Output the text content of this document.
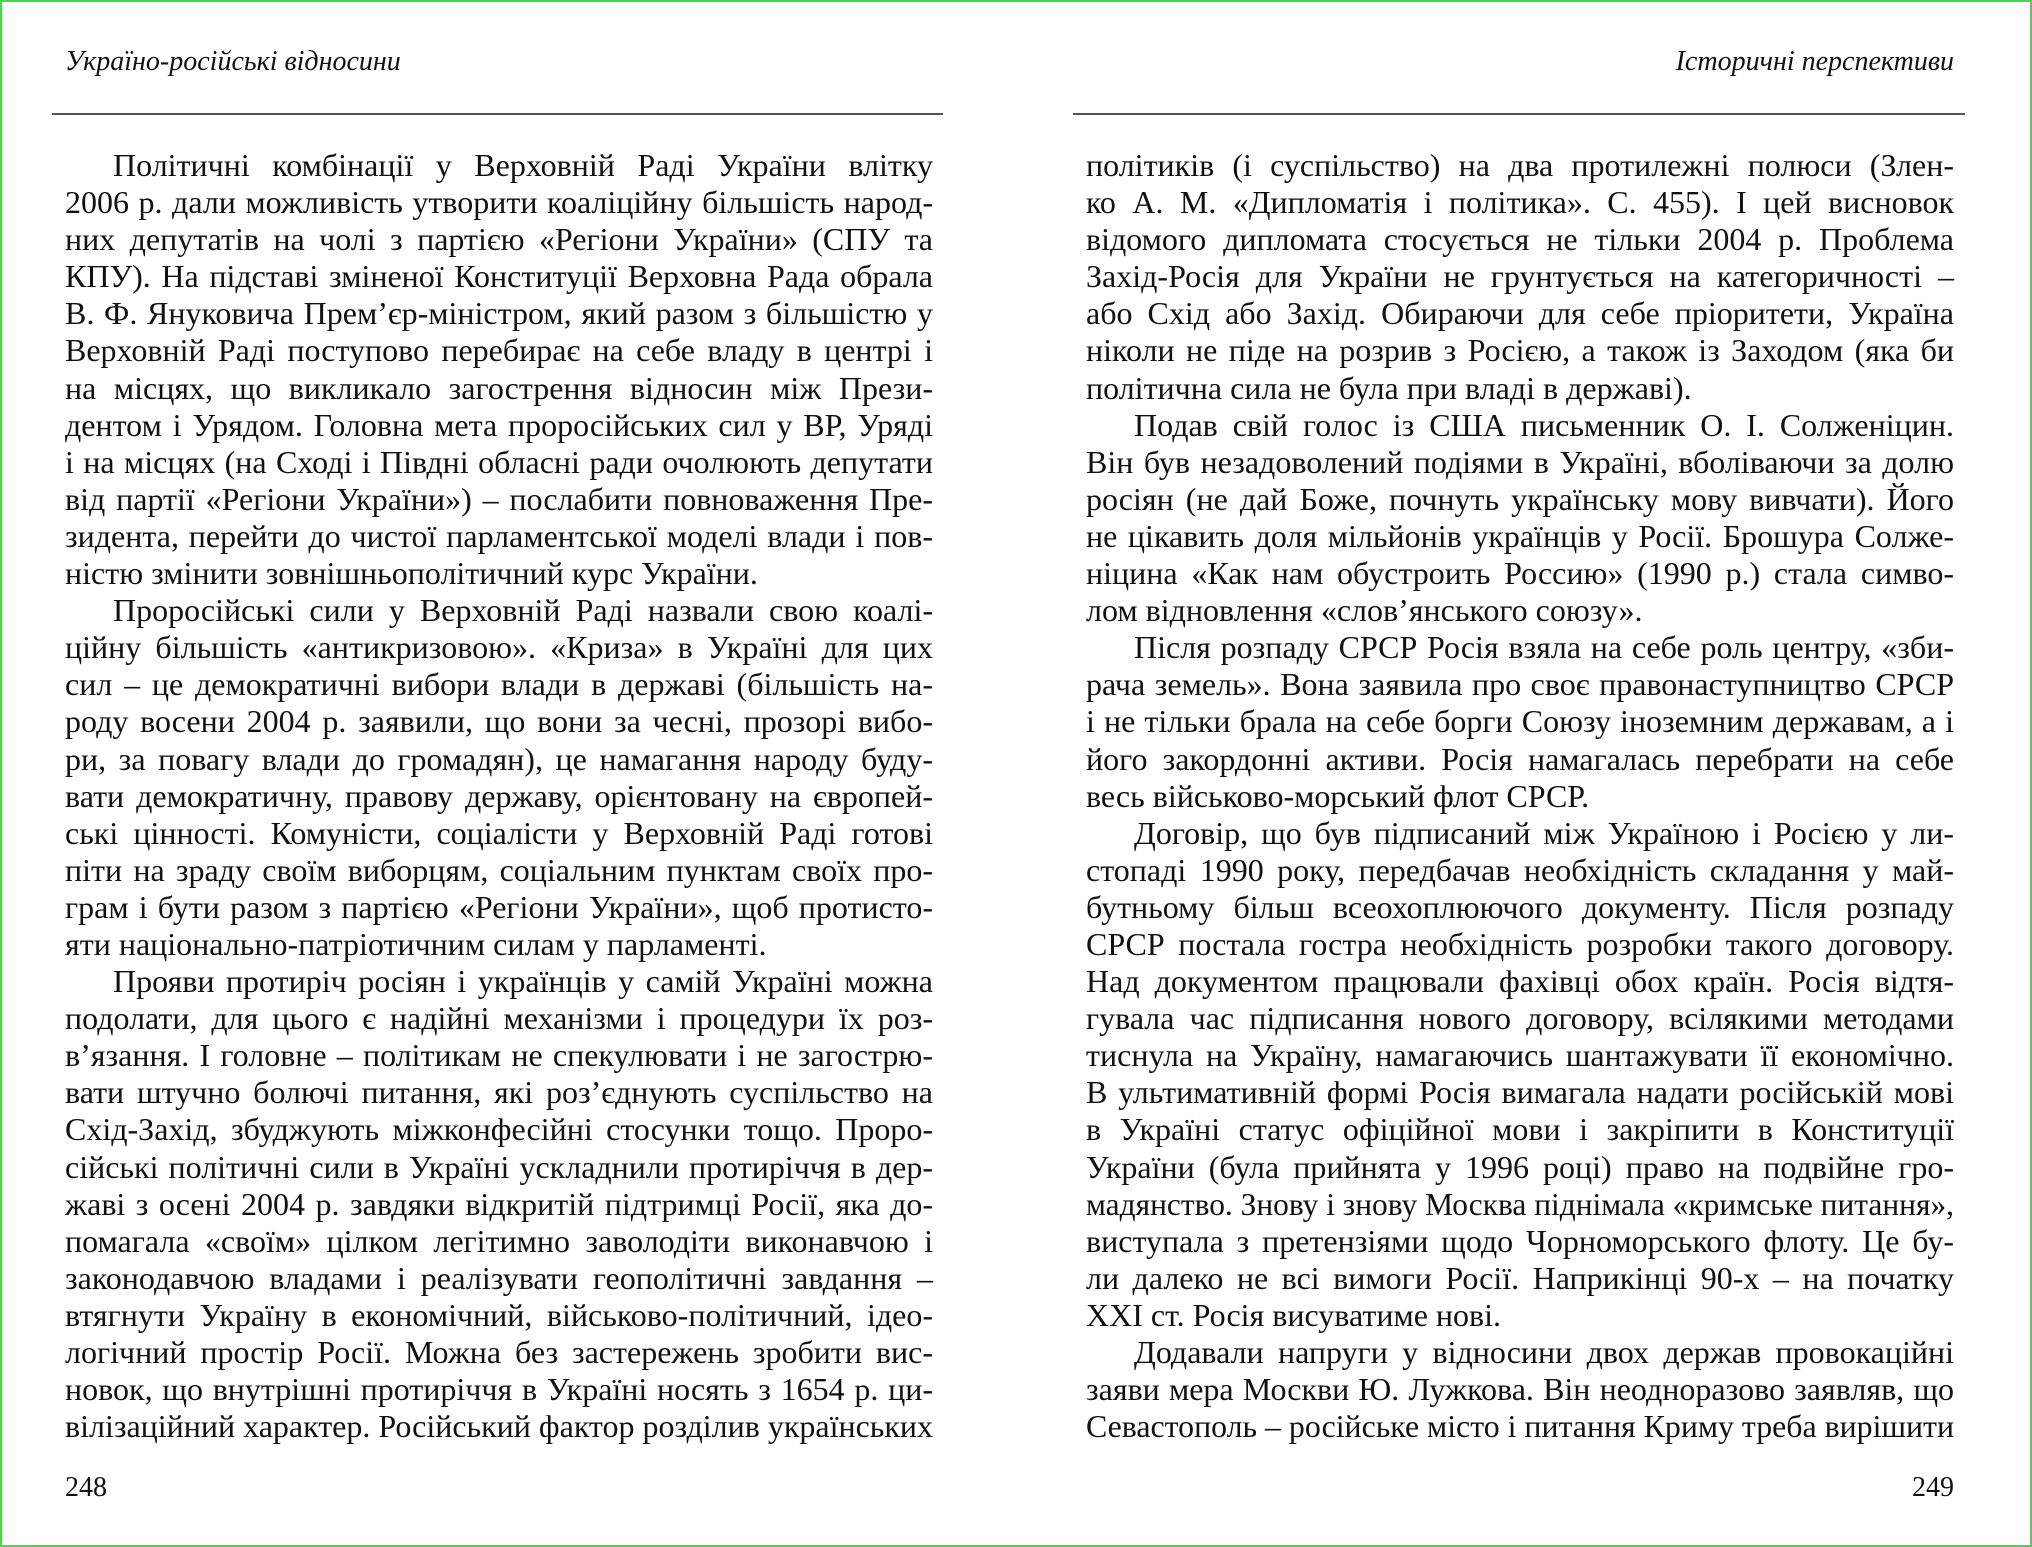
Україно-російські відносини	Історичні перспективи
Політичні комбінації у Верховній Раді України влітку
2006 р. дали можливість утворити коаліційну більшість народ-
них депутатів на чолі з партією «Регіони України» (СПУ та
КПУ). На підставі зміненої Конституції Верховна Рада обрала
В. Ф. Януковича Прем’єр-міністром, який разом з більшістю у
Верховній Раді поступово перебирає на себе владу в центрі і
на місцях, що викликало загострення відносин між Прези-
дентом і Урядом. Головна мета проросійських сил у ВР, Уряді
і на місцях (на Сході і Півдні обласні ради очолюють депутати
від партії «Регіони України») – послабити повноваження Пре-
зидента, перейти до чистої парламентської моделі влади і пов-
ністю змінити зовнішньополітичний курс України.
Проросійські сили у Верховній Раді назвали свою коалі-
ційну більшість «антикризовою». «Криза» в Україні для цих
сил – це демократичні вибори влади в державі (більшість на-
роду восени 2004 р. заявили, що вони за чесні, прозорі вибо-
ри, за повагу влади до громадян), це намагання народу буду-
вати демократичну, правову державу, орієнтовану на європей-
ські цінності. Комуністи, соціалісти у Верховній Раді готові
піти на зраду своїм виборцям, соціальним пунктам своїх про-
грам і бути разом з партією «Регіони України», щоб протисто-
яти національно-патріотичним силам у парламенті.
Прояви протиріч росіян і українців у самій Україні можна
подолати, для цього є надійні механізми і процедури їх роз-
в’язання. І головне – політикам не спекулювати і не загострю-
вати штучно болючі питання, які роз’єднують суспільство на
Схід-Захід, збуджують міжконфесійні стосунки тощо. Проро-
сійські політичні сили в Україні ускладнили протиріччя в дер-
жаві з осені 2004 р. завдяки відкритій підтримці Росії, яка до-
помагала «своїм» цілком легітимно заволодіти виконавчою і
законодавчою владами і реалізувати геополітичні завдання –
втягнути Україну в економічний, військово-політичний, ідео-
логічний простір Росії. Можна без застережень зробити вис-
новок, що внутрішні протиріччя в Україні носять з 1654 р. ци-
вілізаційний характер. Російський фактор розділив українських
політиків (і суспільство) на два протилежні полюси (Злен-
ко А. М. «Дипломатія і політика». С. 455). І цей висновок
відомого дипломата стосується не тільки 2004 р. Проблема
Захід-Росія для України не грунтується на категоричності –
або Схід або Захід. Обираючи для себе пріоритети, Україна
ніколи не піде на розрив з Росією, а також із Заходом (яка би
політична сила не була при владі в державі).
Подав свій голос із США письменник О. І. Солженіцин.
Він був незадоволений подіями в Україні, вболіваючи за долю
росіян (не дай Боже, почнуть українську мову вивчати). Його
не цікавить доля мільйонів українців у Росії. Брошура Солже-
ніцина «Как нам обустроить Россию» (1990 р.) стала симво-
лом відновлення «слов’янського союзу».
Після розпаду СРСР Росія взяла на себе роль центру, «зби-
рача земель». Вона заявила про своє правонаступництво СРСР
і не тільки брала на себе борги Союзу іноземним державам, а і
його закордонні активи. Росія намагалась перебрати на себе
весь військово-морський флот СРСР.
Договір, що був підписаний між Україною і Росією у ли-
стопаді 1990 року, передбачав необхідність складання у май-
бутньому більш всеохоплюючого документу. Після розпаду
СРСР постала гостра необхідність розробки такого договору.
Над документом працювали фахівці обох країн. Росія відтя-
гувала час підписання нового договору, всілякими методами
тиснула на Україну, намагаючись шантажувати її економічно.
В ультимативній формі Росія вимагала надати російській мові
в Україні статус офіційної мови і закріпити в Конституції
України (була прийнята у 1996 році) право на подвійне гро-
мадянство. Знову і знову Москва піднімала «кримське питання»,
виступала з претензіями щодо Чорноморського флоту. Це бу-
ли далеко не всі вимоги Росії. Наприкінці 90-х – на початку
XXI ст. Росія висуватиме нові.
Додавали напруги у відносини двох держав провокаційні
заяви мера Москви Ю. Лужкова. Він неодноразово заявляв, що
Севастополь – російське місто і питання Криму треба вирішити
248	249
